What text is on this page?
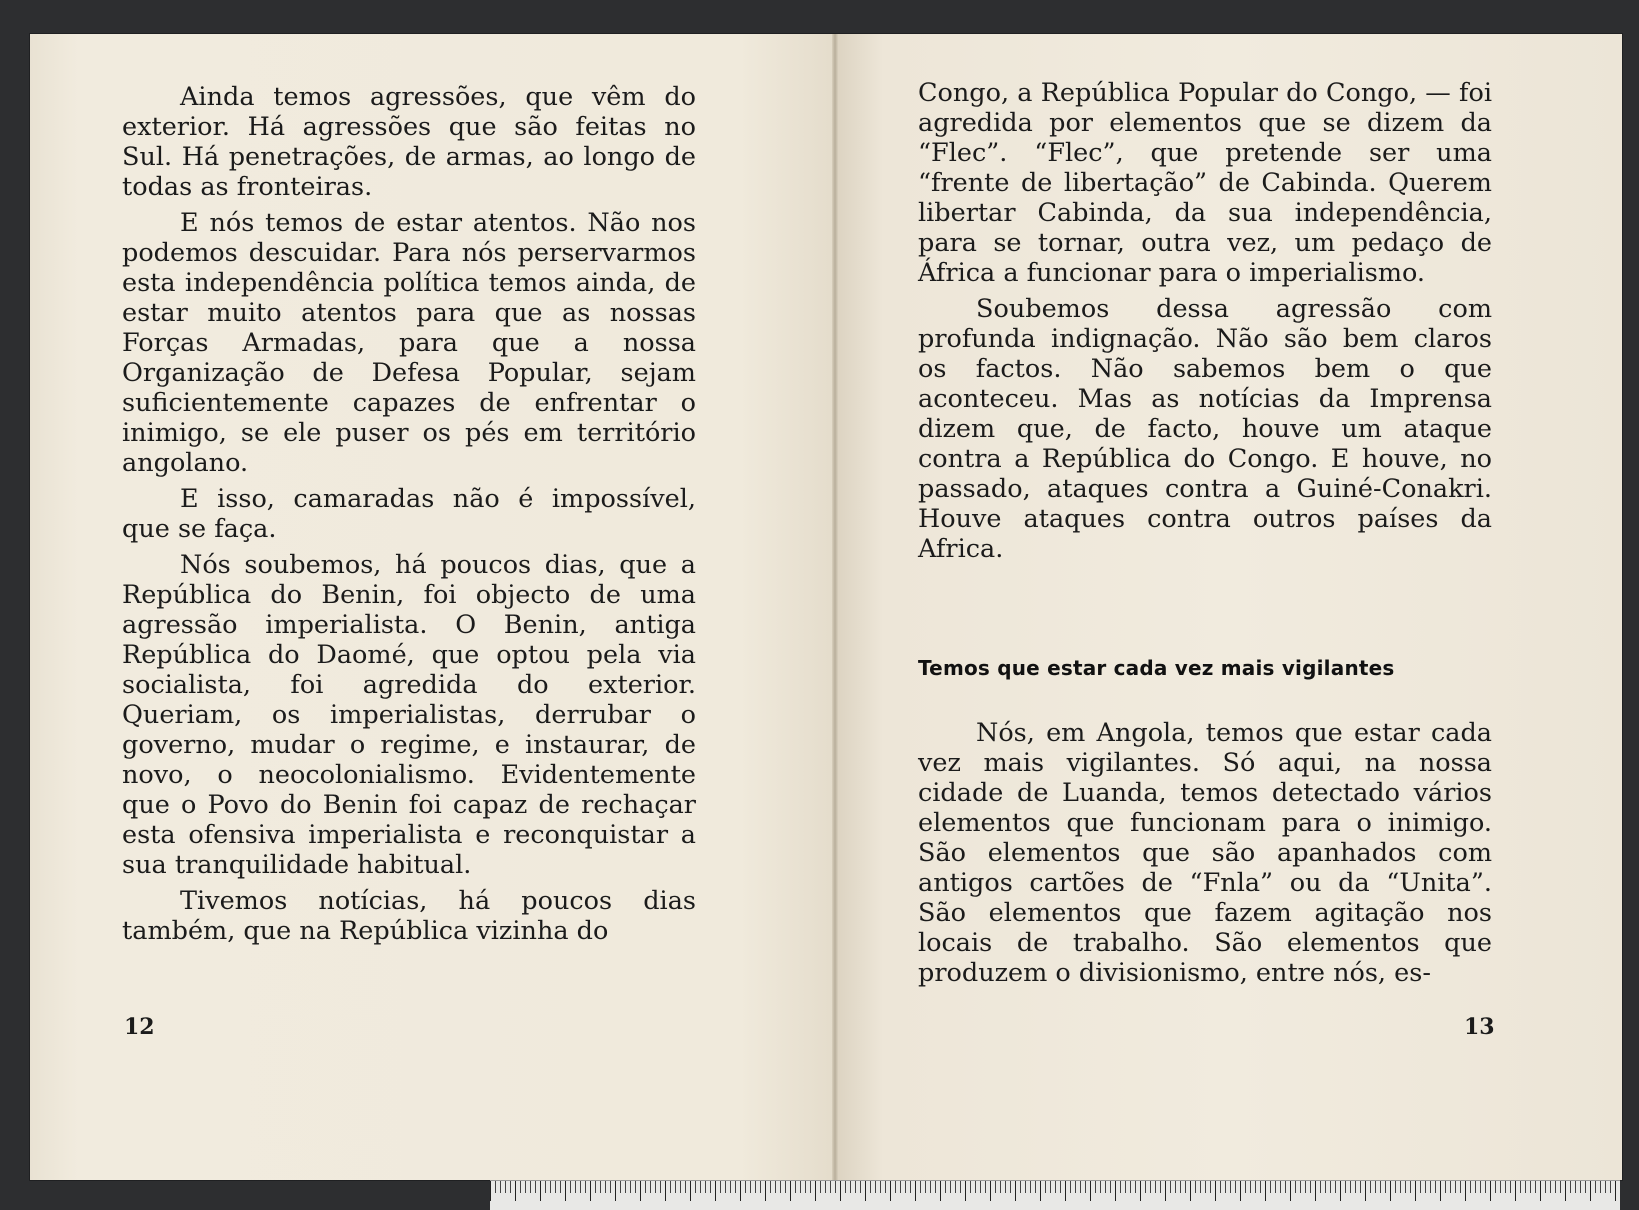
Ainda temos agressões, que vêm do exterior. Há agressões que são feitas no Sul. Há penetrações, de armas, ao longo de todas as fronteiras.

E nós temos de estar atentos. Não nos podemos descuidar. Para nós perservarmos esta independência política temos ainda, de estar muito atentos para que as nossas Forças Armadas, para que a nossa Organização de Defesa Popular, sejam suficientemente capazes de enfrentar o inimigo, se ele puser os pés em território angolano.

E isso, camaradas não é impossível, que se faça.

Nós soubemos, há poucos dias, que a República do Benin, foi objecto de uma agressão imperialista. O Benin, antiga República do Daomé, que optou pela via socialista, foi agredida do exterior. Queriam, os imperialistas, derrubar o governo, mudar o regime, e instaurar, de novo, o neocolonialismo. Evidentemente que o Povo do Benin foi capaz de rechaçar esta ofensiva imperialista e reconquistar a sua tranquilidade habitual.

Tivemos notícias, há poucos dias também, que na República vizinha do

12

Congo, a República Popular do Congo, — foi agredida por elementos que se dizem da “Flec”. “Flec”, que pretende ser uma “frente de libertação” de Cabinda. Querem libertar Cabinda, da sua independência, para se tornar, outra vez, um pedaço de África a funcionar para o imperialismo.

Soubemos dessa agressão com profunda indignação. Não são bem claros os factos. Não sabemos bem o que aconteceu. Mas as notícias da Imprensa dizem que, de facto, houve um ataque contra a República do Congo. E houve, no passado, ataques contra a Guiné-Conakri. Houve ataques contra outros países da Africa.

Temos que estar cada vez mais vigilantes

Nós, em Angola, temos que estar cada vez mais vigilantes. Só aqui, na nossa cidade de Luanda, temos detectado vários elementos que funcionam para o inimigo. São elementos que são apanhados com antigos cartões de “Fnla” ou da “Unita”. São elementos que fazem agitação nos locais de trabalho. São elementos que produzem o divisionismo, entre nós, es-

13
